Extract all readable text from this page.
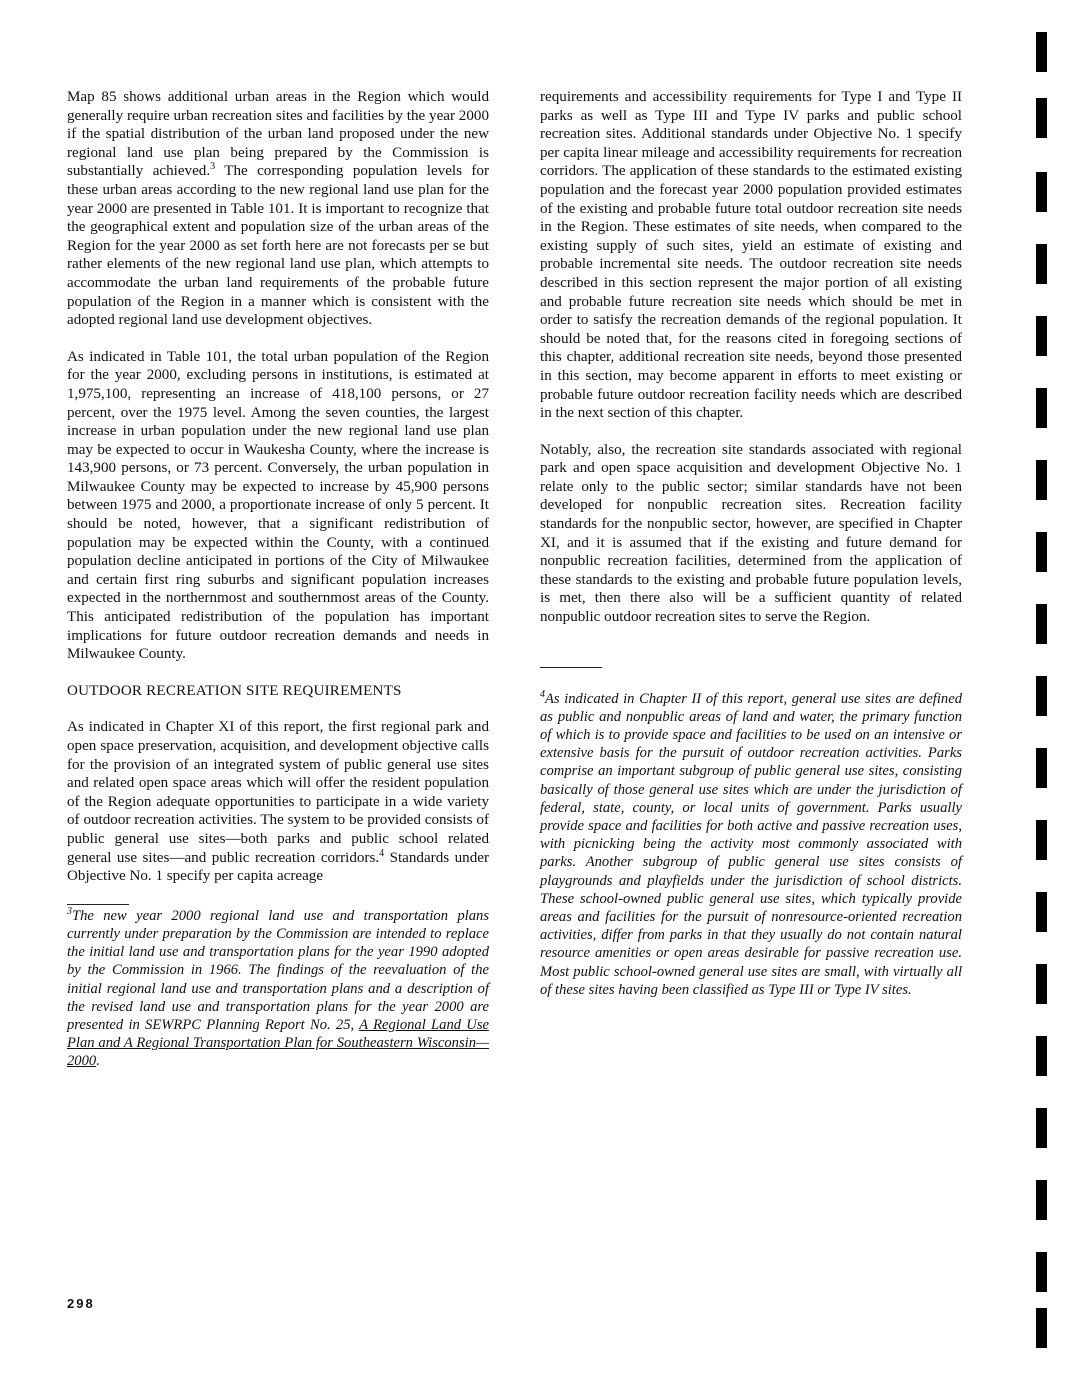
Map 85 shows additional urban areas in the Region which would generally require urban recreation sites and facilities by the year 2000 if the spatial distribution of the urban land proposed under the new regional land use plan being prepared by the Commission is substantially achieved.$^3$ The corresponding population levels for these urban areas according to the new regional land use plan for the year 2000 are presented in Table 101. It is important to recognize that the geographical extent and population size of the urban areas of the Region for the year 2000 as set forth here are not forecasts per se but rather elements of the new regional land use plan, which attempts to accommodate the urban land requirements of the probable future population of the Region in a manner which is consistent with the adopted regional land use development objectives.

As indicated in Table 101, the total urban population of the Region for the year 2000, excluding persons in institutions, is estimated at 1,975,100, representing an increase of 418,100 persons, or 27 percent, over the 1975 level. Among the seven counties, the largest increase in urban population under the new regional land use plan may be expected to occur in Waukesha County, where the increase is 143,900 persons, or 73 percent. Conversely, the urban population in Milwaukee County may be expected to increase by 45,900 persons between 1975 and 2000, a proportionate increase of only 5 percent. It should be noted, however, that a significant redistribution of population may be expected within the County, with a continued population decline anticipated in portions of the City of Milwaukee and certain first ring suburbs and significant population increases expected in the northernmost and southernmost areas of the County. This anticipated redistribution of the population has important implications for future outdoor recreation demands and needs in Milwaukee County.

OUTDOOR RECREATION SITE REQUIREMENTS

As indicated in Chapter XI of this report, the first regional park and open space preservation, acquisition, and development objective calls for the provision of an integrated system of public general use sites and related open space areas which will offer the resident population of the Region adequate opportunities to participate in a wide variety of outdoor recreation activities. The system to be provided consists of public general use sites—both parks and public school related general use sites—and public recreation corridors.$^4$ Standards under Objective No. 1 specify per capita acreage

$^3$The new year 2000 regional land use and transportation plans currently under preparation by the Commission are intended to replace the initial land use and transportation plans for the year 1990 adopted by the Commission in 1966. The findings of the reevaluation of the initial regional land use and transportation plans and a description of the revised land use and transportation plans for the year 2000 are presented in SEWRPC Planning Report No. 25, A Regional Land Use Plan and A Regional Transportation Plan for Southeastern Wisconsin—2000.

requirements and accessibility requirements for Type I and Type II parks as well as Type III and Type IV parks and public school recreation sites. Additional standards under Objective No. 1 specify per capita linear mileage and accessibility requirements for recreation corridors. The application of these standards to the estimated existing population and the forecast year 2000 population provided estimates of the existing and probable future total outdoor recreation site needs in the Region. These estimates of site needs, when compared to the existing supply of such sites, yield an estimate of existing and probable incremental site needs. The outdoor recreation site needs described in this section represent the major portion of all existing and probable future recreation site needs which should be met in order to satisfy the recreation demands of the regional population. It should be noted that, for the reasons cited in foregoing sections of this chapter, additional recreation site needs, beyond those presented in this section, may become apparent in efforts to meet existing or probable future outdoor recreation facility needs which are described in the next section of this chapter.

Notably, also, the recreation site standards associated with regional park and open space acquisition and development Objective No. 1 relate only to the public sector; similar standards have not been developed for nonpublic recreation sites. Recreation facility standards for the nonpublic sector, however, are specified in Chapter XI, and it is assumed that if the existing and future demand for nonpublic recreation facilities, determined from the application of these standards to the existing and probable future population levels, is met, then there also will be a sufficient quantity of related nonpublic outdoor recreation sites to serve the Region.

$^4$As indicated in Chapter II of this report, general use sites are defined as public and nonpublic areas of land and water, the primary function of which is to provide space and facilities to be used on an intensive or extensive basis for the pursuit of outdoor recreation activities. Parks comprise an important subgroup of public general use sites, consisting basically of those general use sites which are under the jurisdiction of federal, state, county, or local units of government. Parks usually provide space and facilities for both active and passive recreation uses, with picnicking being the activity most commonly associated with parks. Another subgroup of public general use sites consists of playgrounds and playfields under the jurisdiction of school districts. These school-owned public general use sites, which typically provide areas and facilities for the pursuit of nonresource-oriented recreation activities, differ from parks in that they usually do not contain natural resource amenities or open areas desirable for passive recreation use. Most public school-owned general use sites are small, with virtually all of these sites having been classified as Type III or Type IV sites.

298
